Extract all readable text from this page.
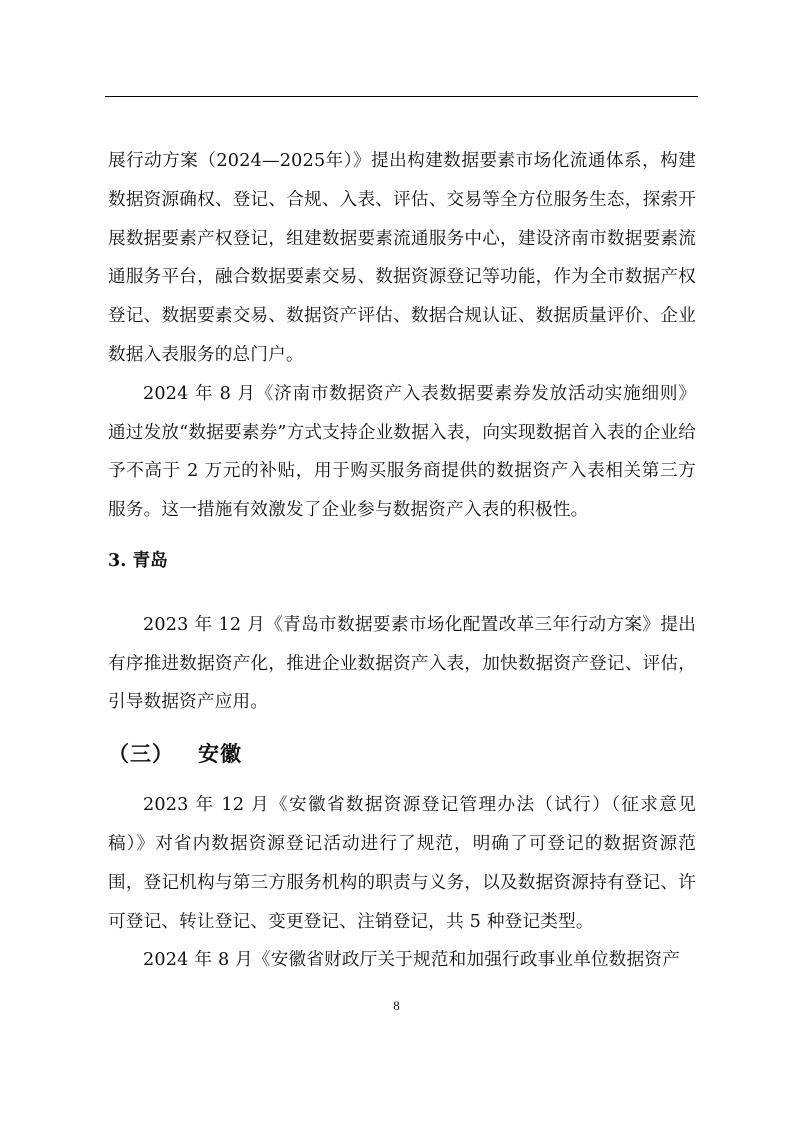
展行动方案（2024—2025年）》提出构建数据要素市场化流通体系，构建数据资源确权、登记、合规、入表、评估、交易等全方位服务生态，探索开展数据要素产权登记，组建数据要素流通服务中心，建设济南市数据要素流通服务平台，融合数据要素交易、数据资源登记等功能，作为全市数据产权登记、数据要素交易、数据资产评估、数据合规认证、数据质量评价、企业数据入表服务的总门户。

2024 年 8 月《济南市数据资产入表数据要素券发放活动实施细则》通过发放“数据要素券”方式支持企业数据入表，向实现数据首入表的企业给予不高于 2 万元的补贴，用于购买服务商提供的数据资产入表相关第三方服务。这一措施有效激发了企业参与数据资产入表的积极性。

3. 青岛

2023 年 12 月《青岛市数据要素市场化配置改革三年行动方案》提出有序推进数据资产化，推进企业数据资产入表，加快数据资产登记、评估，引导数据资产应用。

（三） 安徽

2023 年 12 月《安徽省数据资源登记管理办法（试行）（征求意见稿）》对省内数据资源登记活动进行了规范，明确了可登记的数据资源范围，登记机构与第三方服务机构的职责与义务，以及数据资源持有登记、许可登记、转让登记、变更登记、注销登记，共 5 种登记类型。

2024 年 8 月《安徽省财政厅关于规范和加强行政事业单位数据资产

8
